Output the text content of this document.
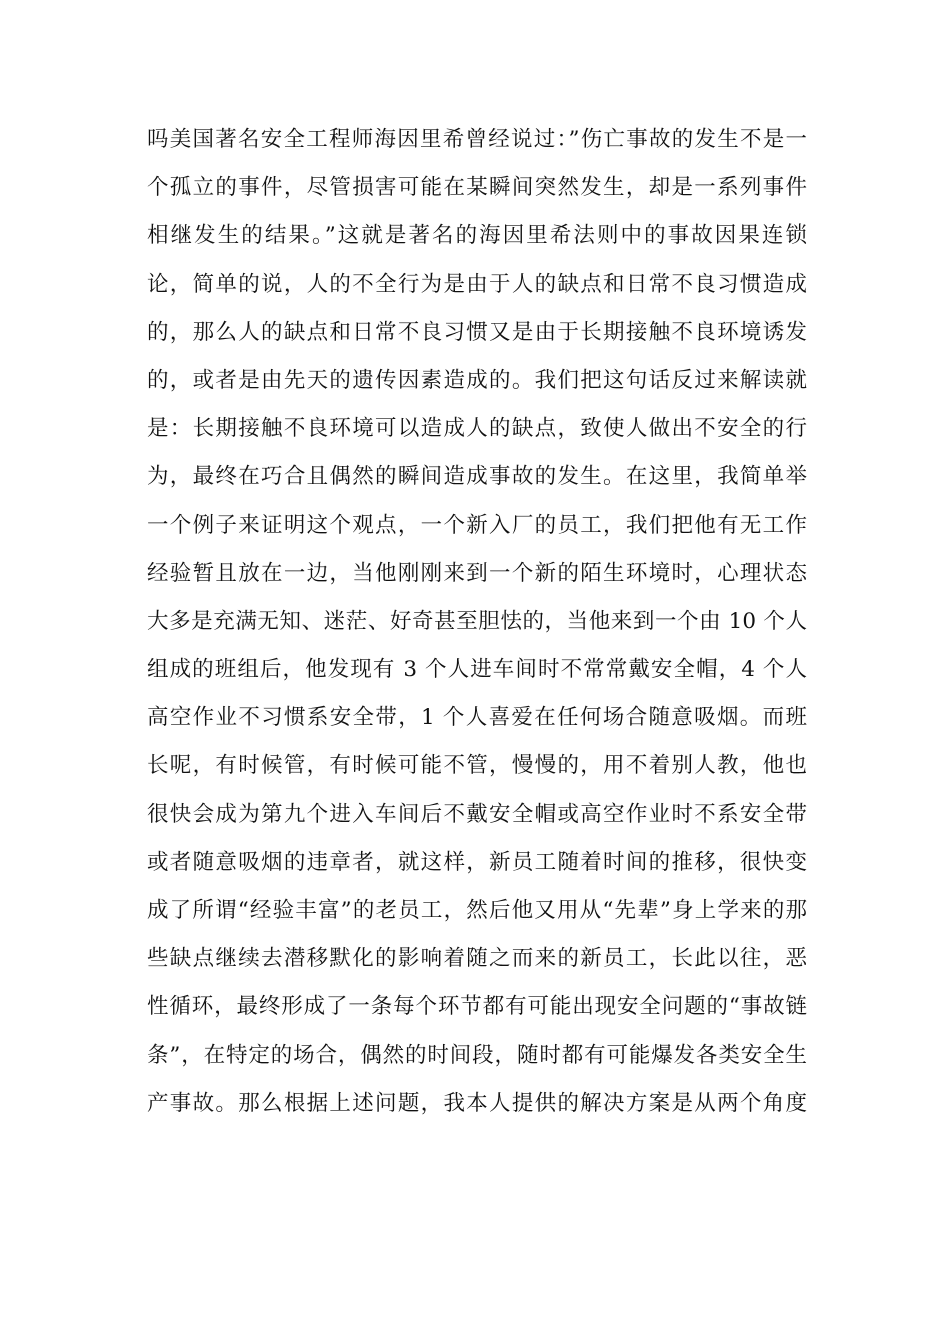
吗美国著名安全工程师海因里希曾经说过：”伤亡事故的发生不是一
个孤立的事件，尽管损害可能在某瞬间突然发生，却是一系列事件
相继发生的结果。”这就是著名的海因里希法则中的事故因果连锁
论，简单的说，人的不全行为是由于人的缺点和日常不良习惯造成
的，那么人的缺点和日常不良习惯又是由于长期接触不良环境诱发
的，或者是由先天的遗传因素造成的。我们把这句话反过来解读就
是：长期接触不良环境可以造成人的缺点，致使人做出不安全的行
为，最终在巧合且偶然的瞬间造成事故的发生。在这里，我简单举
一个例子来证明这个观点，一个新入厂的员工，我们把他有无工作
经验暂且放在一边，当他刚刚来到一个新的陌生环境时，心理状态
大多是充满无知、迷茫、好奇甚至胆怯的，当他来到一个由 10 个人
组成的班组后，他发现有 3 个人进车间时不常常戴安全帽，4 个人
高空作业不习惯系安全带，1 个人喜爱在任何场合随意吸烟。而班
长呢，有时候管，有时候可能不管，慢慢的，用不着别人教，他也
很快会成为第九个进入车间后不戴安全帽或高空作业时不系安全带
或者随意吸烟的违章者，就这样，新员工随着时间的推移，很快变
成了所谓“经验丰富”的老员工，然后他又用从“先辈”身上学来的那
些缺点继续去潜移默化的影响着随之而来的新员工，长此以往，恶
性循环，最终形成了一条每个环节都有可能出现安全问题的“事故链
条”，在特定的场合，偶然的时间段，随时都有可能爆发各类安全生
产事故。那么根据上述问题，我本人提供的解决方案是从两个角度
